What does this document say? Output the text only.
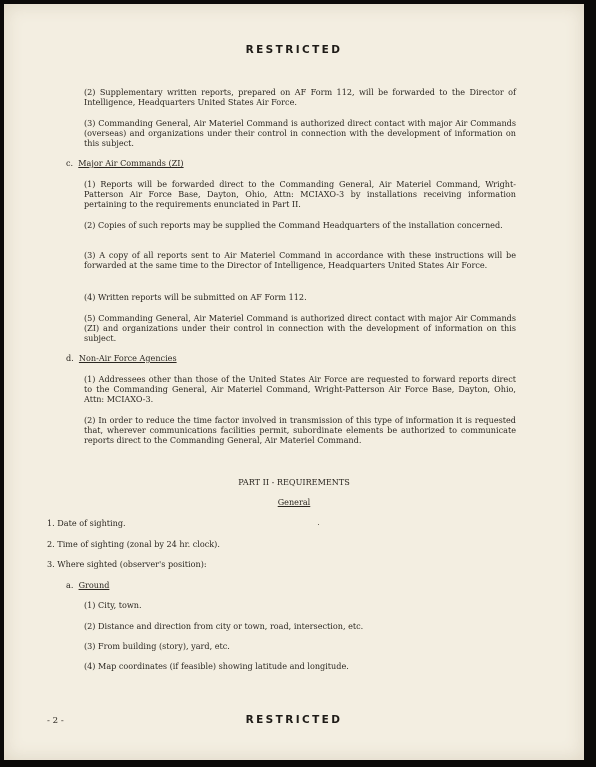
RESTRICTED

(2) Supplementary written reports, prepared on AF Form 112, will be forwarded to the Director of Intelligence, Headquarters United States Air Force.

(3) Commanding General, Air Materiel Command is authorized direct contact with major Air Commands (overseas) and organizations under their control in connection with the development of information on this subject.

c. Major Air Commands (ZI)

(1) Reports will be forwarded direct to the Commanding General, Air Materiel Command, Wright-Patterson Air Force Base, Dayton, Ohio, Attn: MCIAXO-3 by installations receiving information pertaining to the requirements enunciated in Part II.

(2) Copies of such reports may be supplied the Command Headquarters of the installation concerned.

(3) A copy of all reports sent to Air Materiel Command in accordance with these instructions will be forwarded at the same time to the Director of Intelligence, Headquarters United States Air Force.

(4) Written reports will be submitted on AF Form 112.

(5) Commanding General, Air Materiel Command is authorized direct contact with major Air Commands (ZI) and organizations under their control in connection with the development of information on this subject.

d. Non-Air Force Agencies

(1) Addressees other than those of the United States Air Force are requested to forward reports direct to the Commanding General, Air Materiel Command, Wright-Patterson Air Force Base, Dayton, Ohio, Attn: MCIAXO-3.

(2) In order to reduce the time factor involved in transmission of this type of information it is requested that, wherever communications facilities permit, subordinate elements be authorized to communicate reports direct to the Commanding General, Air Materiel Command.

PART II - REQUIREMENTS
General
1. Date of sighting.
2. Time of sighting (zonal by 24 hr. clock).
3. Where sighted (observer's position):
a. Ground
(1) City, town.
(2) Distance and direction from city or town, road, intersection, etc.
(3) From building (story), yard, etc.
(4) Map coordinates (if feasible) showing latitude and longitude.
- 2 -	RESTRICTED
